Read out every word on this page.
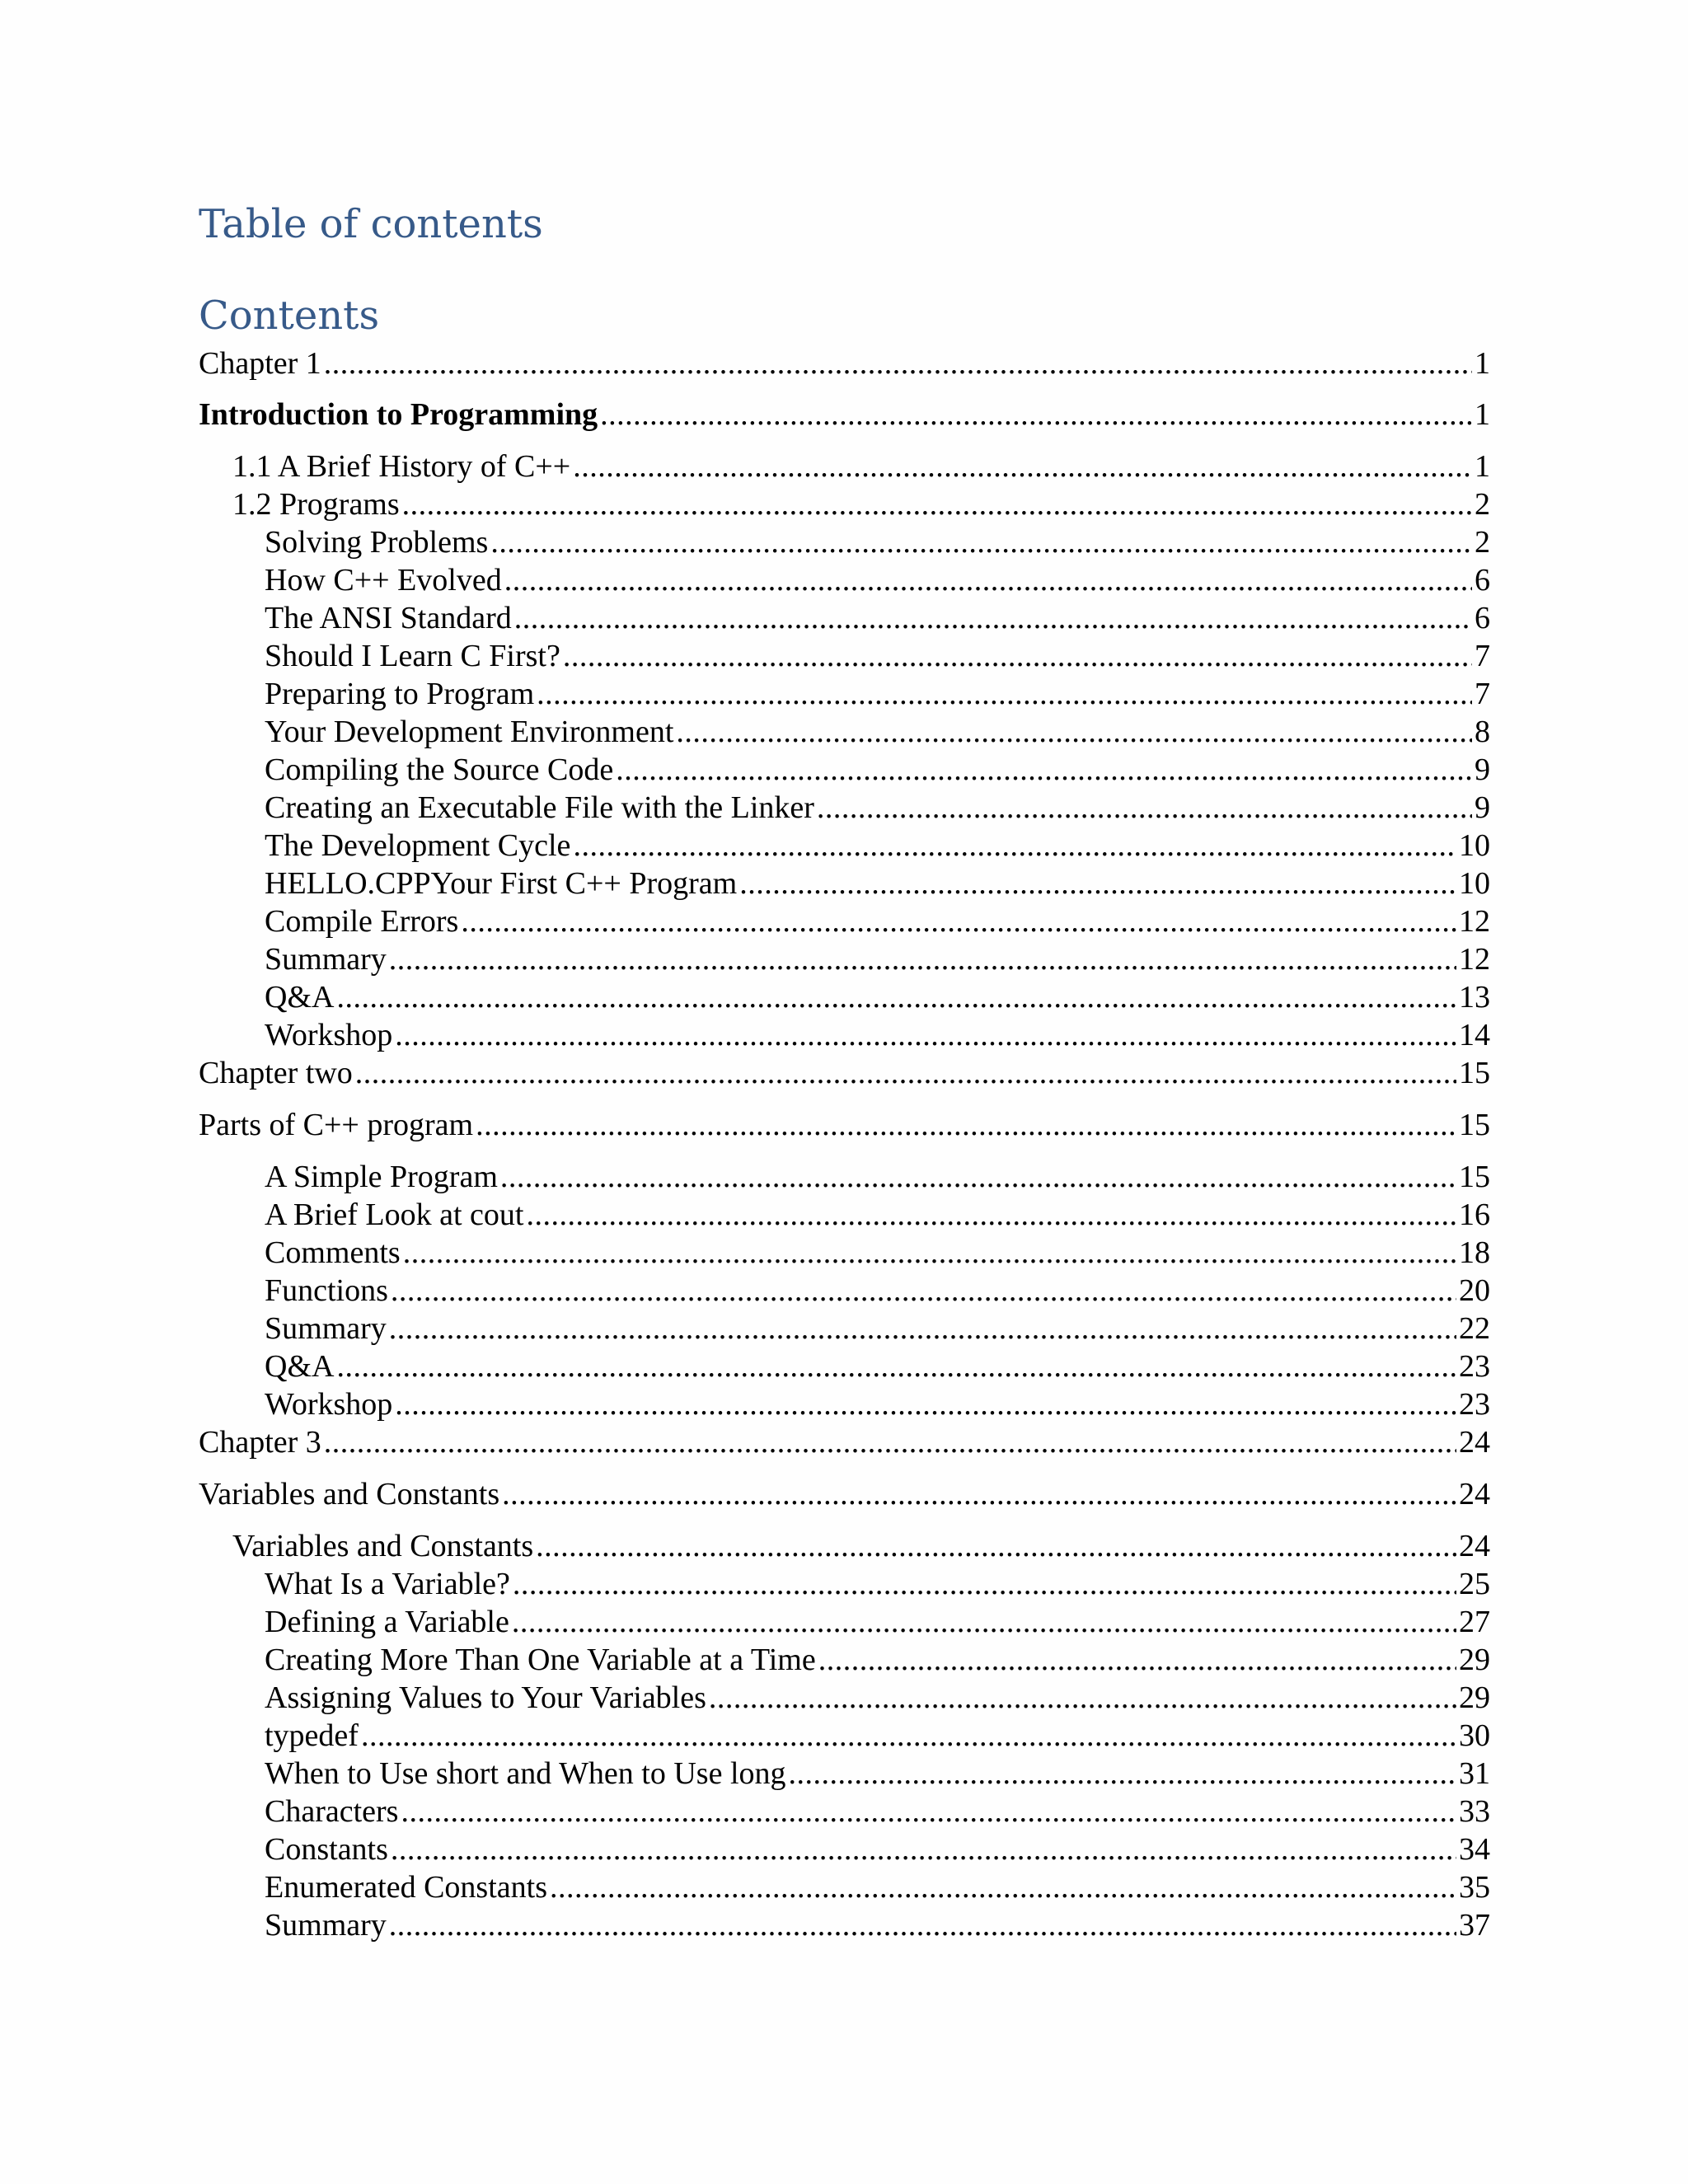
Table of contents
Contents
Chapter 1 .....	1
Introduction to Programming .....	1
1.1 A Brief History of C++ .....	1
1.2 Programs .....	2
Solving Problems .....	2
How C++ Evolved .....	6
The ANSI Standard .....	6
Should I Learn C First? .....	7
Preparing to Program .....	7
Your Development Environment .....	8
Compiling the Source Code .....	9
Creating an Executable File with the Linker .....	9
The Development Cycle .....	10
HELLO.CPPYour First C++ Program .....	10
Compile Errors .....	12
Summary .....	12
Q&A .....	13
Workshop .....	14
Chapter two .....	15
Parts of C++ program .....	15
A Simple Program .....	15
A Brief Look at cout .....	16
Comments .....	18
Functions .....	20
Summary .....	22
Q&A .....	23
Workshop .....	23
Chapter 3 .....	24
Variables and Constants .....	24
Variables and Constants .....	24
What Is a Variable? .....	25
Defining a Variable .....	27
Creating More Than One Variable at a Time .....	29
Assigning Values to Your Variables .....	29
typedef .....	30
When to Use short and When to Use long .....	31
Characters .....	33
Constants .....	34
Enumerated Constants .....	35
Summary .....	37
